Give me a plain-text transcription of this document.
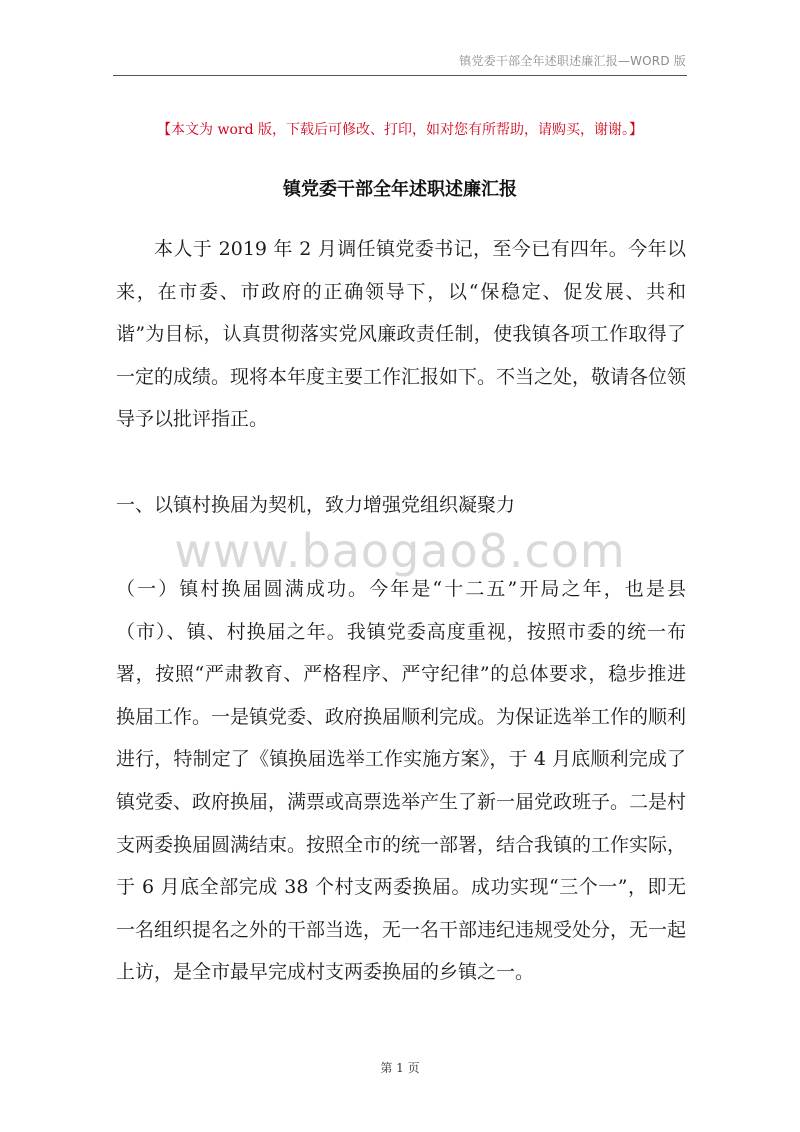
镇党委干部全年述职述廉汇报—WORD 版
【本文为 word 版，下载后可修改、打印，如对您有所帮助，请购买，谢谢。】
镇党委干部全年述职述廉汇报

本人于 2019 年 2 月调任镇党委书记，至今已有四年。今年以来，在市委、市政府的正确领导下，以“保稳定、促发展、共和谐”为目标，认真贯彻落实党风廉政责任制，使我镇各项工作取得了一定的成绩。现将本年度主要工作汇报如下。不当之处，敬请各位领导予以批评指正。

一、以镇村换届为契机，致力增强党组织凝聚力

www.baogao8.com

（一）镇村换届圆满成功。今年是“十二五”开局之年，也是县（市）、镇、村换届之年。我镇党委高度重视，按照市委的统一布署，按照“严肃教育、严格程序、严守纪律”的总体要求，稳步推进换届工作。一是镇党委、政府换届顺利完成。为保证选举工作的顺利进行，特制定了《镇换届选举工作实施方案》，于 4 月底顺利完成了镇党委、政府换届，满票或高票选举产生了新一届党政班子。二是村支两委换届圆满结束。按照全市的统一部署，结合我镇的工作实际，于 6 月底全部完成 38 个村支两委换届。成功实现“三个一”，即无一名组织提名之外的干部当选，无一名干部违纪违规受处分，无一起上访，是全市最早完成村支两委换届的乡镇之一。

第 1 页
